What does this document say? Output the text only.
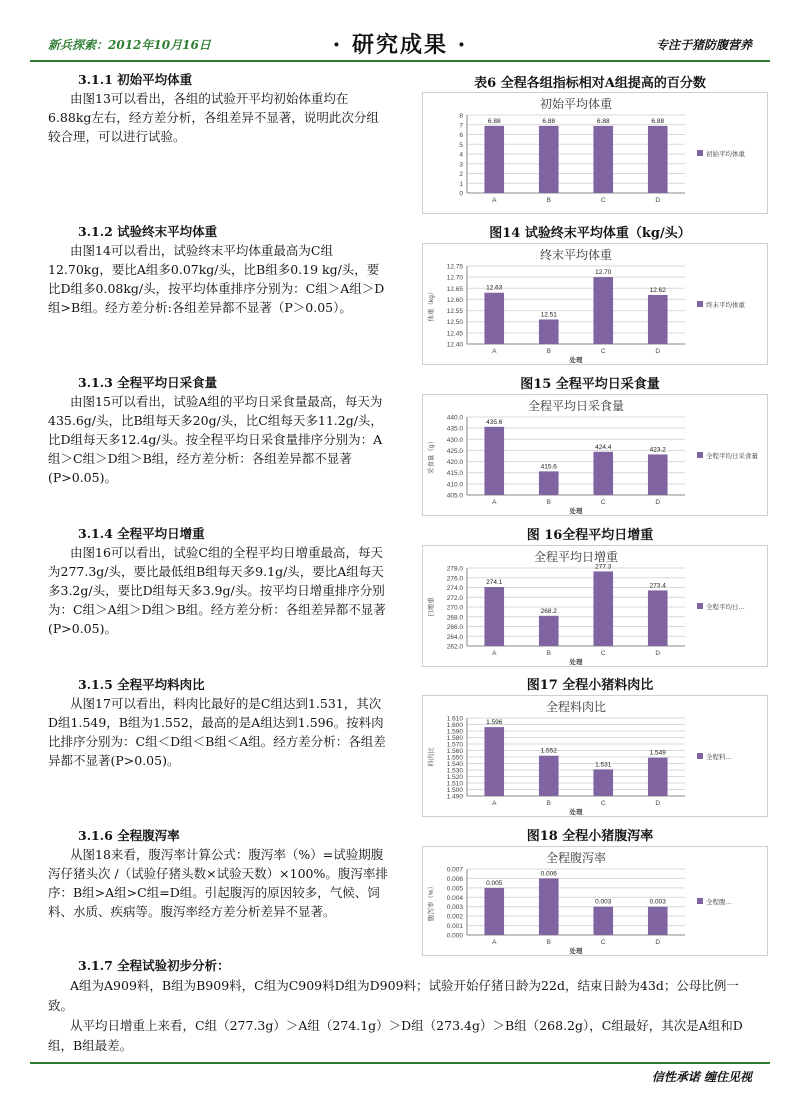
新兵探索：2012年10月16日	· 研究成果 ·	专注于猪防腹营养
3.1.1 初始平均体重
由图13可以看出，各组的试验开平均初始体重均在6.88kg左右，经方差分析，各组差异不显著，说明此次分组较合理，可以进行试验。
3.1.2 试验终末平均体重
由图14可以看出，试验终末平均体重最高为C组12.70kg，要比A组多0.07kg/头，比B组多0.19 kg/头，要比D组多0.08kg/头，按平均体重排序分别为：C组＞A组＞D组>B组。经方差分析:各组差异都不显著（P＞0.05）。
3.1.3 全程平均日采食量
由图15可以看出，试验A组的平均日采食量最高，每天为435.6g/头，比B组每天多20g/头，比C组每天多11.2g/头，比D组每天多12.4g/头。按全程平均日采食量排序分别为：A组＞C组＞D组＞B组，经方差分析：各组差异都不显著(P>0.05)。
3.1.4 全程平均日增重
由图16可以看出，试验C组的全程平均日增重最高，每天为277.3g/头，要比最低组B组每天多9.1g/头，要比A组每天多3.2g/头，要比D组每天多3.9g/头。按平均日增重排序分别为：C组＞A组＞D组＞B组。经方差分析：各组差异都不显著(P>0.05)。
3.1.5 全程平均料肉比
从图17可以看出，料肉比最好的是C组达到1.531，其次D组1.549，B组为1.552，最高的是A组达到1.596。按料肉比排序分别为：C组＜D组＜B组＜A组。经方差分析：各组差异都不显著(P>0.05)。
3.1.6 全程腹泻率
从图18来看，腹泻率计算公式：腹泻率（%）=试验期腹泻仔猪头次 /（试验仔猪头数×试验天数）×100%。腹泻率排序：B组>A组>C组=D组。引起腹泻的原因较多，气候、饲料、水质、疾病等。腹泻率经方差分析差异不显著。
表6 全程各组指标相对A组提高的百分数
图14 试验终末平均体重（kg/头）
图15 全程平均日采食量
图 16全程平均日增重
图17 全程小猪料肉比
图18 全程小猪腹泻率
初始平均体重
0
1
2
3
4
5
6
7
8
6.88
A
6.88
B
6.88
C
6.88
D
初始平均体重
终末平均体重
12.40
12.45
12.50
12.55
12.60
12.65
12.70
12.75
体重（kg）
12.63
A
12.51
B
12.70
C
12.62
D
处理
终末平均体重
全程平均日采食量
405.0
410.0
415.0
420.0
425.0
430.0
435.0
440.0
采食量（g）
435.6
A
415.6
B
424.4
C
423.2
D
处理
全程平均日采食量
全程平均日增重
262.0
264.0
266.0
268.0
270.0
272.0
274.0
276.0
278.0
日增重
274.1
A
268.2
B
277.3
C
273.4
D
处理
全程平均日…
全程料肉比
1.490
1.500
1.510
1.520
1.530
1.540
1.550
1.560
1.570
1.580
1.590
1.600
1.610
料肉比
1.596
A
1.552
B
1.531
C
1.549
D
处理
全程料…
全程腹泻率
0.000
0.001
0.002
0.003
0.004
0.005
0.006
0.007
腹泻率（%）	0.005
A
0.006
B
0.003
C
0.003
D
处理
全程腹…
3.1.7 全程试验初步分析：
A组为A909料，B组为B909料，C组为C909料D组为D909料；试验开始仔猪日龄为22d，结束日龄为43d；公母比例一致。
从平均日增重上来看，C组（277.3g）＞A组（274.1g）＞D组（273.4g）＞B组（268.2g），C组最好，其次是A组和D组，B组最差。
信性承诺 缠住见视
